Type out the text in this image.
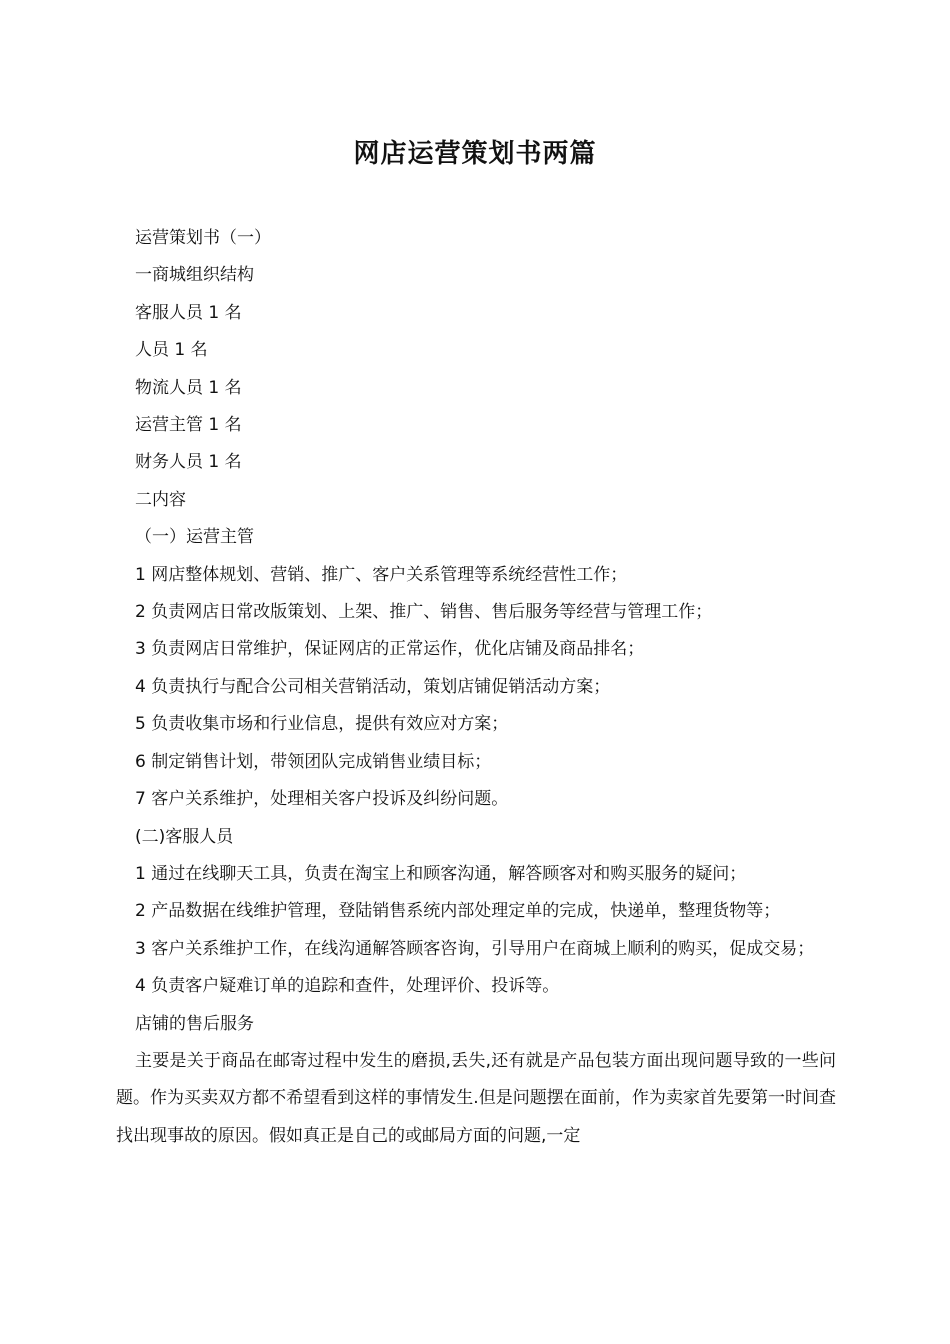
网店运营策划书两篇

运营策划书（一）

一商城组织结构

客服人员 1 名

人员 1 名

物流人员 1 名

运营主管 1 名

财务人员 1 名

二内容

（一）运营主管

1 网店整体规划、营销、推广、客户关系管理等系统经营性工作；

2 负责网店日常改版策划、上架、推广、销售、售后服务等经营与管理工作；

3 负责网店日常维护，保证网店的正常运作，优化店铺及商品排名；

4 负责执行与配合公司相关营销活动，策划店铺促销活动方案；

5 负责收集市场和行业信息，提供有效应对方案；

6 制定销售计划，带领团队完成销售业绩目标；

7 客户关系维护，处理相关客户投诉及纠纷问题。

(二)客服人员

1 通过在线聊天工具，负责在淘宝上和顾客沟通，解答顾客对和购买服务的疑问；

2 产品数据在线维护管理，登陆销售系统内部处理定单的完成，快递单，整理货物等；

3 客户关系维护工作，在线沟通解答顾客咨询，引导用户在商城上顺利的购买，促成交易；

4 负责客户疑难订单的追踪和查件，处理评价、投诉等。

店铺的售后服务

主要是关于商品在邮寄过程中发生的磨损,丢失,还有就是产品包装方面出现问题导致的一些问题。作为买卖双方都不希望看到这样的事情发生.但是问题摆在面前，作为卖家首先要第一时间查找出现事故的原因。假如真正是自己的或邮局方面的问题,一定
